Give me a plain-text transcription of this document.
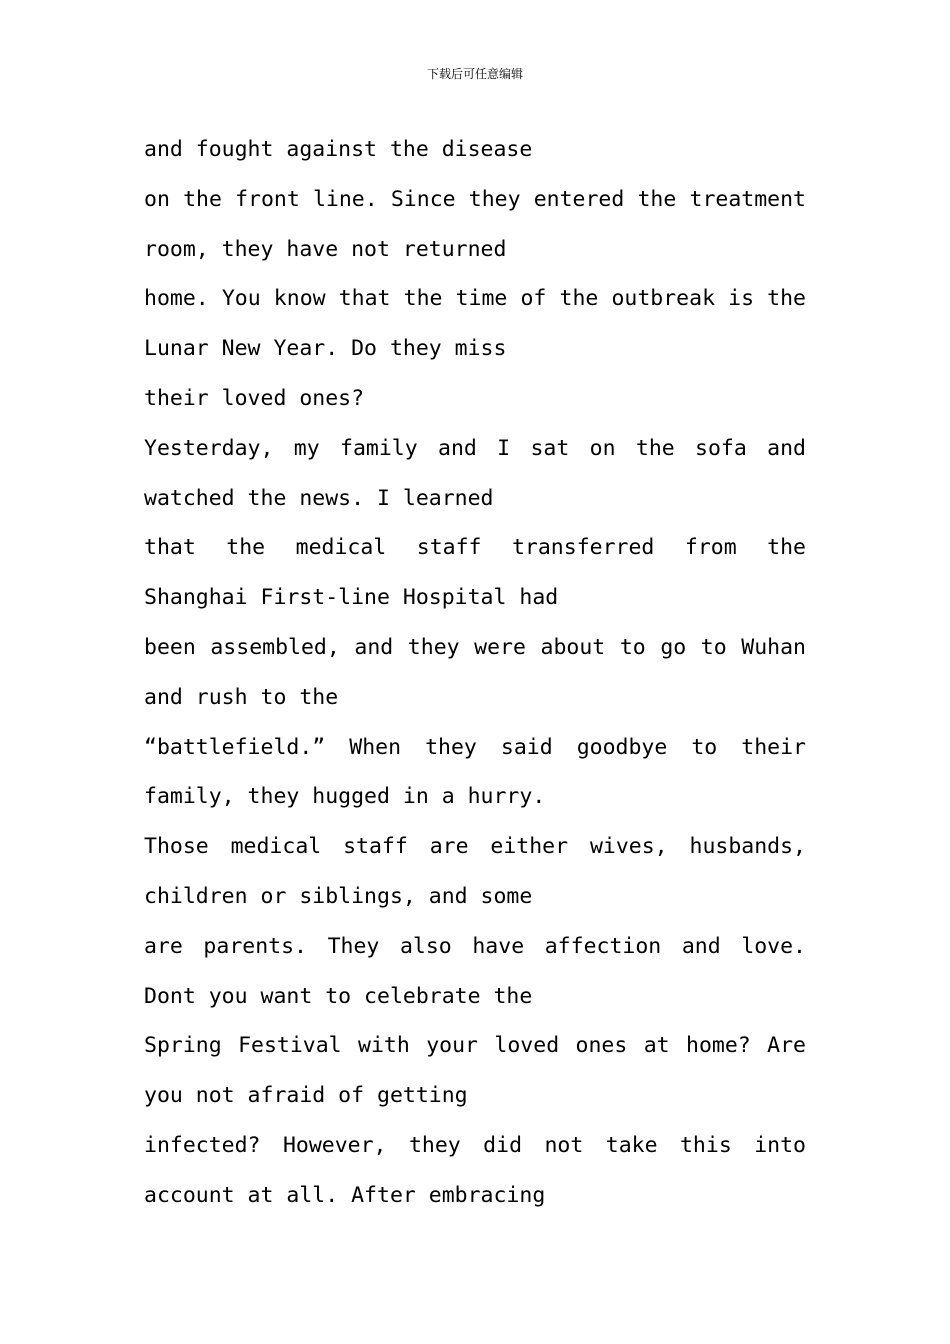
下载后可任意编辑
and fought against the disease
on the front line. Since they entered the treatment
room, they have not returned
home. You know that the time of the outbreak is the
Lunar New Year. Do they miss
their loved ones?
Yesterday, my family and I sat on the sofa and
watched the news. I learned
that the medical staff transferred from the
Shanghai First-line Hospital had
been assembled, and they were about to go to Wuhan
and rush to the
“battlefield.” When they said goodbye to their
family, they hugged in a hurry.
Those medical staff are either wives, husbands,
children or siblings, and some
are parents. They also have affection and love.
Dont you want to celebrate the
Spring Festival with your loved ones at home? Are
you not afraid of getting
infected? However, they did not take this into
account at all. After embracing
